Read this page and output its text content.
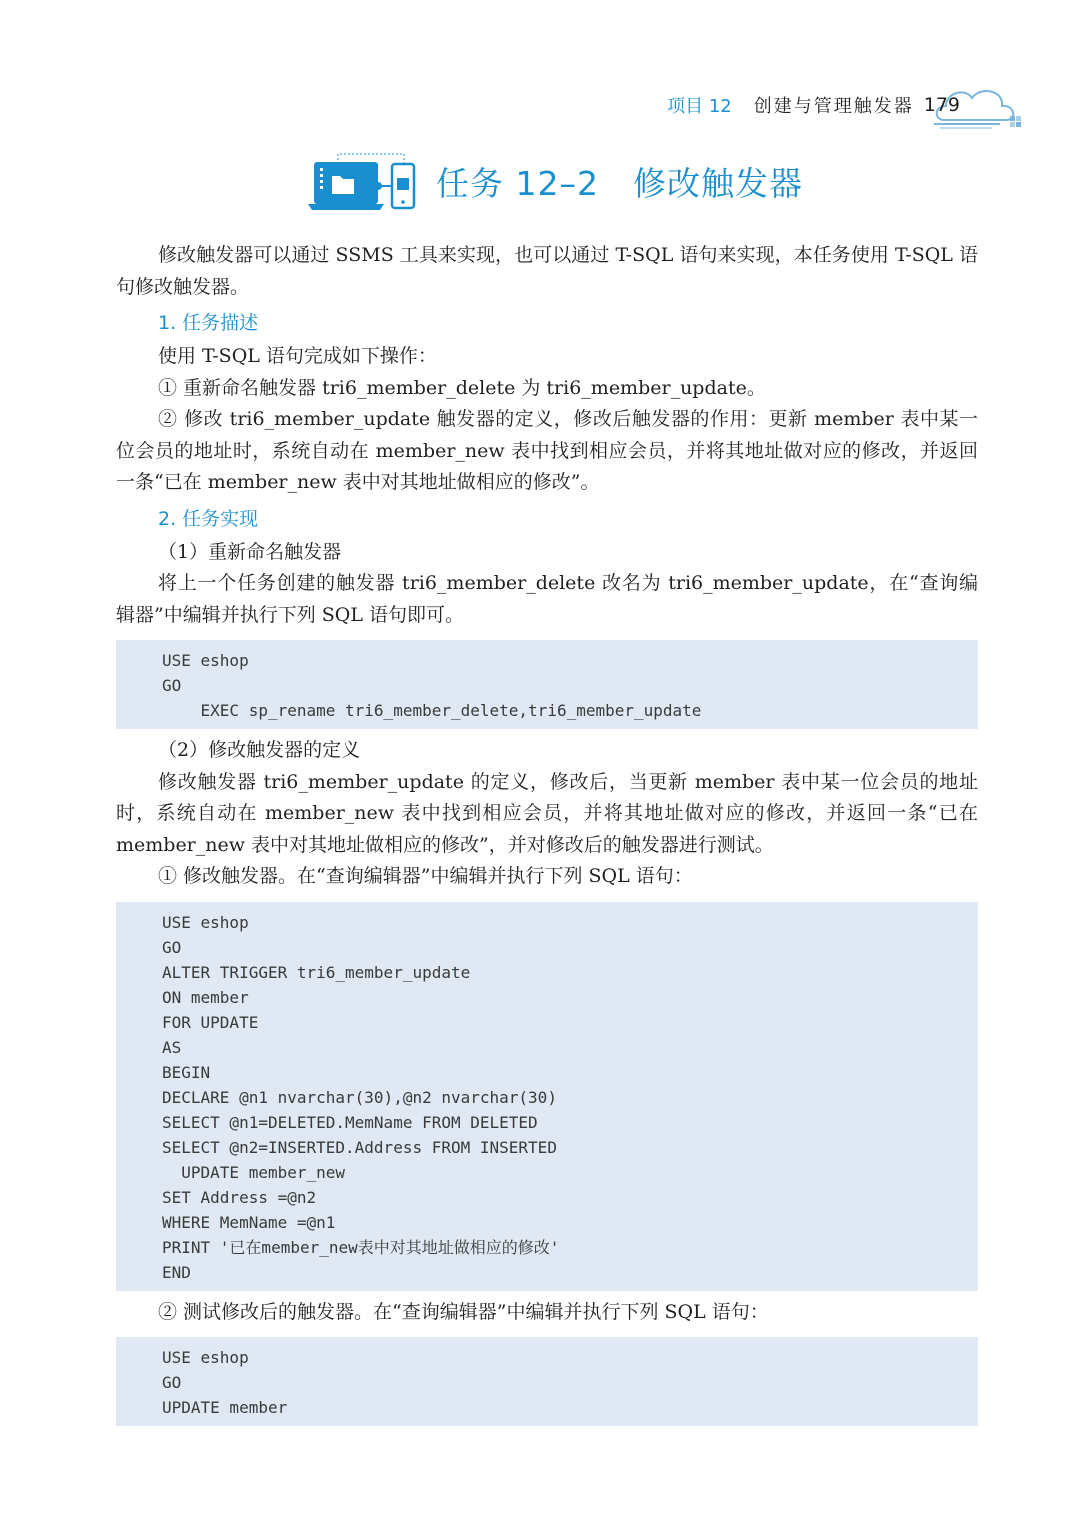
项目 12 创建与管理触发器 179
任务 12–2　修改触发器

修改触发器可以通过 SSMS 工具来实现，也可以通过 T-SQL 语句来实现，本任务使用 T-SQL 语句修改触发器。

1. 任务描述

使用 T-SQL 语句完成如下操作：

① 重新命名触发器 tri6_member_delete 为 tri6_member_update。

② 修改 tri6_member_update 触发器的定义，修改后触发器的作用：更新 member 表中某一位会员的地址时，系统自动在 member_new 表中找到相应会员，并将其地址做对应的修改，并返回一条“已在 member_new 表中对其地址做相应的修改”。

2. 任务实现

（1）重新命名触发器

将上一个任务创建的触发器 tri6_member_delete 改名为 tri6_member_update，在“查询编辑器”中编辑并执行下列 SQL 语句即可。

USE eshop
GO
EXEC sp_rename tri6_member_delete,tri6_member_update

（2）修改触发器的定义

修改触发器 tri6_member_update 的定义，修改后，当更新 member 表中某一位会员的地址时，系统自动在 member_new 表中找到相应会员，并将其地址做对应的修改，并返回一条“已在 member_new 表中对其地址做相应的修改”，并对修改后的触发器进行测试。

① 修改触发器。在“查询编辑器”中编辑并执行下列 SQL 语句：

USE eshop
GO
ALTER TRIGGER tri6_member_update
ON member
FOR UPDATE
AS
BEGIN
DECLARE @n1 nvarchar(30),@n2 nvarchar(30)
SELECT @n1=DELETED.MemName FROM DELETED
SELECT @n2=INSERTED.Address FROM INSERTED
UPDATE member_new
SET Address =@n2
WHERE MemName =@n1
PRINT '已在member_new表中对其地址做相应的修改'
END

② 测试修改后的触发器。在“查询编辑器”中编辑并执行下列 SQL 语句：

USE eshop
GO
UPDATE member
